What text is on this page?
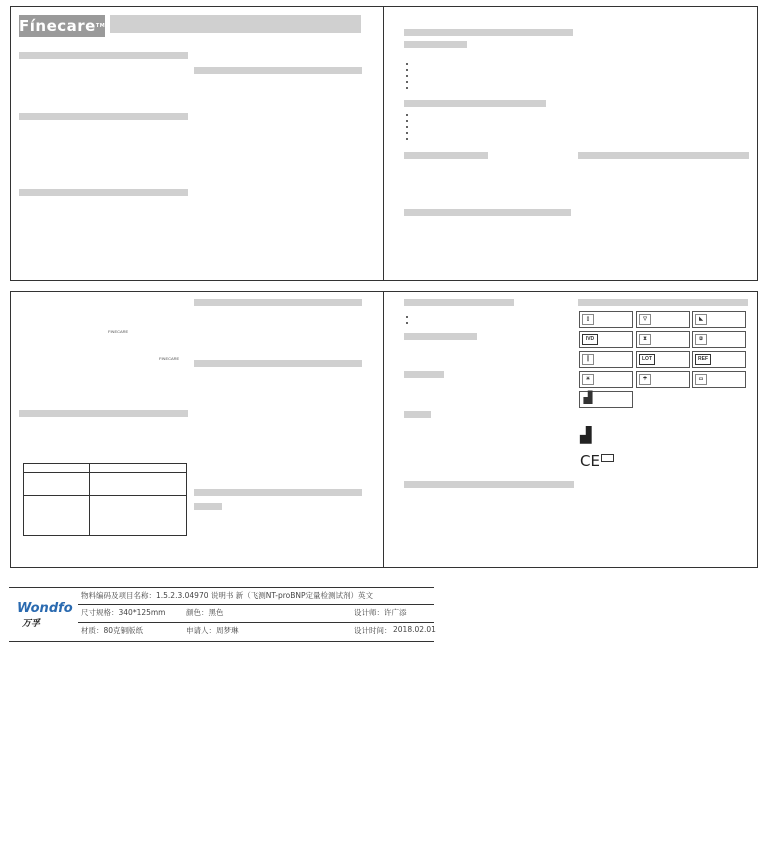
Fínecare™
FINECARE
FINECARE
▯	▽	◣
IVD	⧗	②
┃	LOT	REF
☀	☂	▭
▟
▟
CE
Wondfo
万孚
物料编码及项目名称：1.5.2.3.04970 说明书 新（飞测NT-proBNP定量检测试剂）英文
尺寸规格：340*125mm	颜色：黑色	设计师：许广添
材质：80克铜版纸	申请人：周梦琳	设计时间： 2018.02.01
